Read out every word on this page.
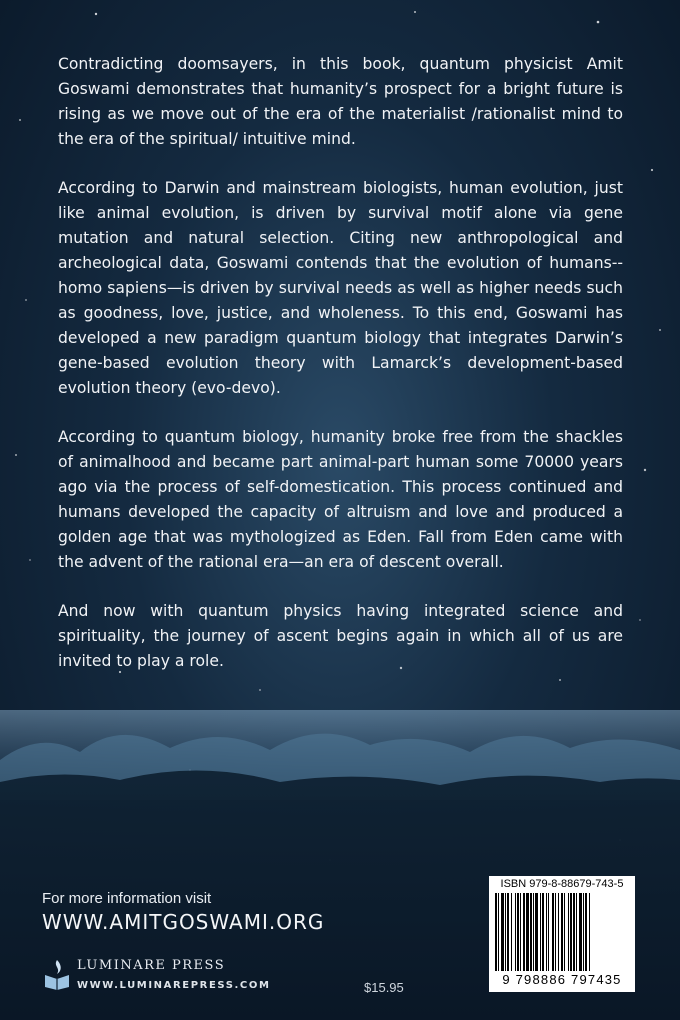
Contradicting doomsayers, in this book, quantum physicist Amit Goswami demonstrates that humanity’s prospect for a bright future is rising as we move out of the era of the materialist /rationalist mind to the era of the spiritual/ intuitive mind.

According to Darwin and mainstream biologists, human evolution, just like animal evolution, is driven by survival motif alone via gene mutation and natural selection. Citing new anthropological and archeological data, Goswami contends that the evolution of humans--homo sapiens—is driven by survival needs as well as higher needs such as goodness, love, justice, and wholeness. To this end, Goswami has developed a new paradigm quantum biology that integrates Darwin’s gene-based evolution theory with Lamarck’s development-based evolution theory (evo-devo).

According to quantum biology, humanity broke free from the shackles of animalhood and became part animal-part human some 70000 years ago via the process of self-domestication. This process continued and humans developed the capacity of altruism and love and produced a golden age that was mythologized as Eden. Fall from Eden came with the advent of the rational era—an era of descent overall.

And now with quantum physics having integrated science and spirituality, the journey of ascent begins again in which all of us are invited to play a role.

For more information visit
WWW.AMITGOSWAMI.ORG
LUMINARE PRESS
WWW.LUMINAREPRESS.COM	$15.95
ISBN 979-8-88679-743-5
9 798886 797435
